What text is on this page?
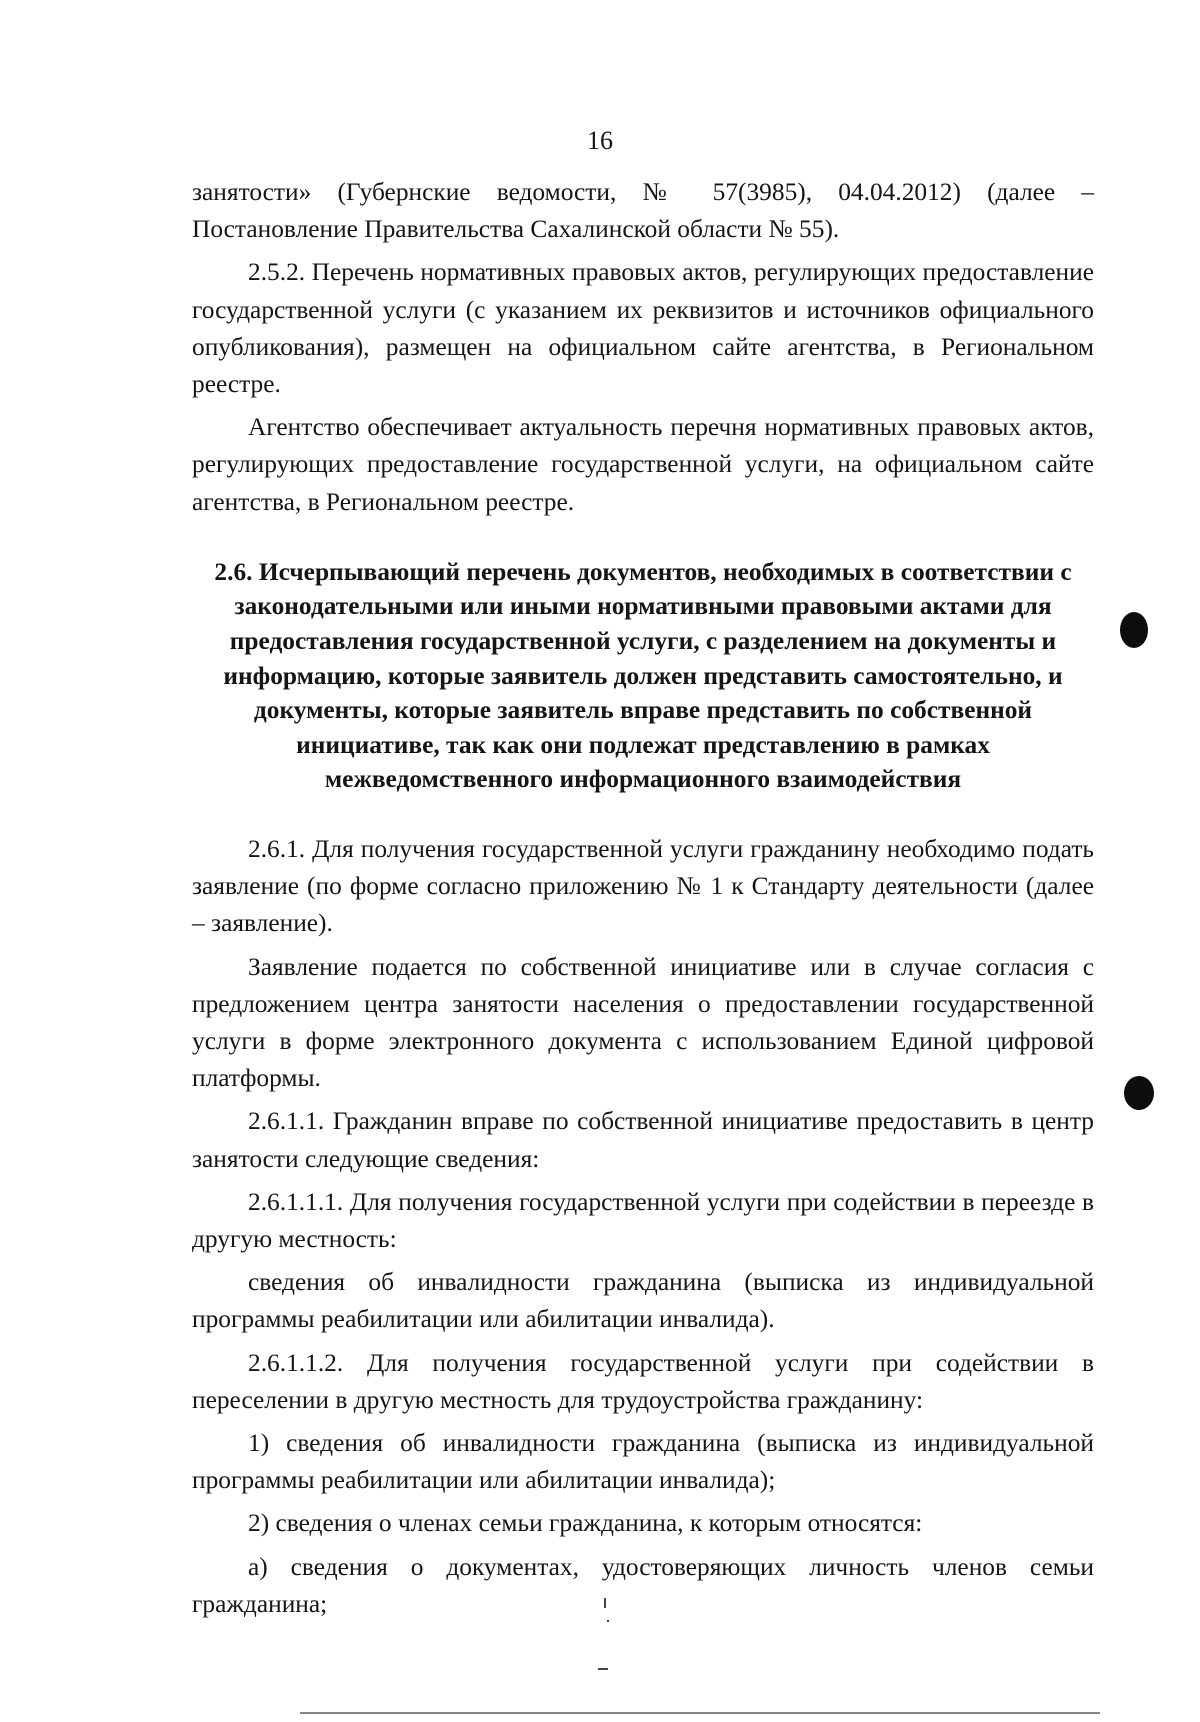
16

занятости» (Губернские ведомости, № 57(3985), 04.04.2012) (далее – Постановление Правительства Сахалинской области № 55).

2.5.2. Перечень нормативных правовых актов, регулирующих предоставление государственной услуги (с указанием их реквизитов и источников официального опубликования), размещен на официальном сайте агентства, в Региональном реестре.

Агентство обеспечивает актуальность перечня нормативных правовых актов, регулирующих предоставление государственной услуги, на официальном сайте агентства, в Региональном реестре.

2.6. Исчерпывающий перечень документов, необходимых в соответствии с законодательными или иными нормативными правовыми актами для предоставления государственной услуги, с разделением на документы и информацию, которые заявитель должен представить самостоятельно, и документы, которые заявитель вправе представить по собственной инициативе, так как они подлежат представлению в рамках межведомственного информационного взаимодействия

2.6.1. Для получения государственной услуги гражданину необходимо подать заявление (по форме согласно приложению № 1 к Стандарту деятельности (далее – заявление).

Заявление подается по собственной инициативе или в случае согласия с предложением центра занятости населения о предоставлении государственной услуги в форме электронного документа с использованием Единой цифровой платформы.

2.6.1.1. Гражданин вправе по собственной инициативе предоставить в центр занятости следующие сведения:

2.6.1.1.1. Для получения государственной услуги при содействии в переезде в другую местность:

сведения об инвалидности гражданина (выписка из индивидуальной программы реабилитации или абилитации инвалида).

2.6.1.1.2. Для получения государственной услуги при содействии в переселении в другую местность для трудоустройства гражданину:

1) сведения об инвалидности гражданина (выписка из индивидуальной программы реабилитации или абилитации инвалида);

2) сведения о членах семьи гражданина, к которым относятся:

а) сведения о документах, удостоверяющих личность членов семьи гражданина;
